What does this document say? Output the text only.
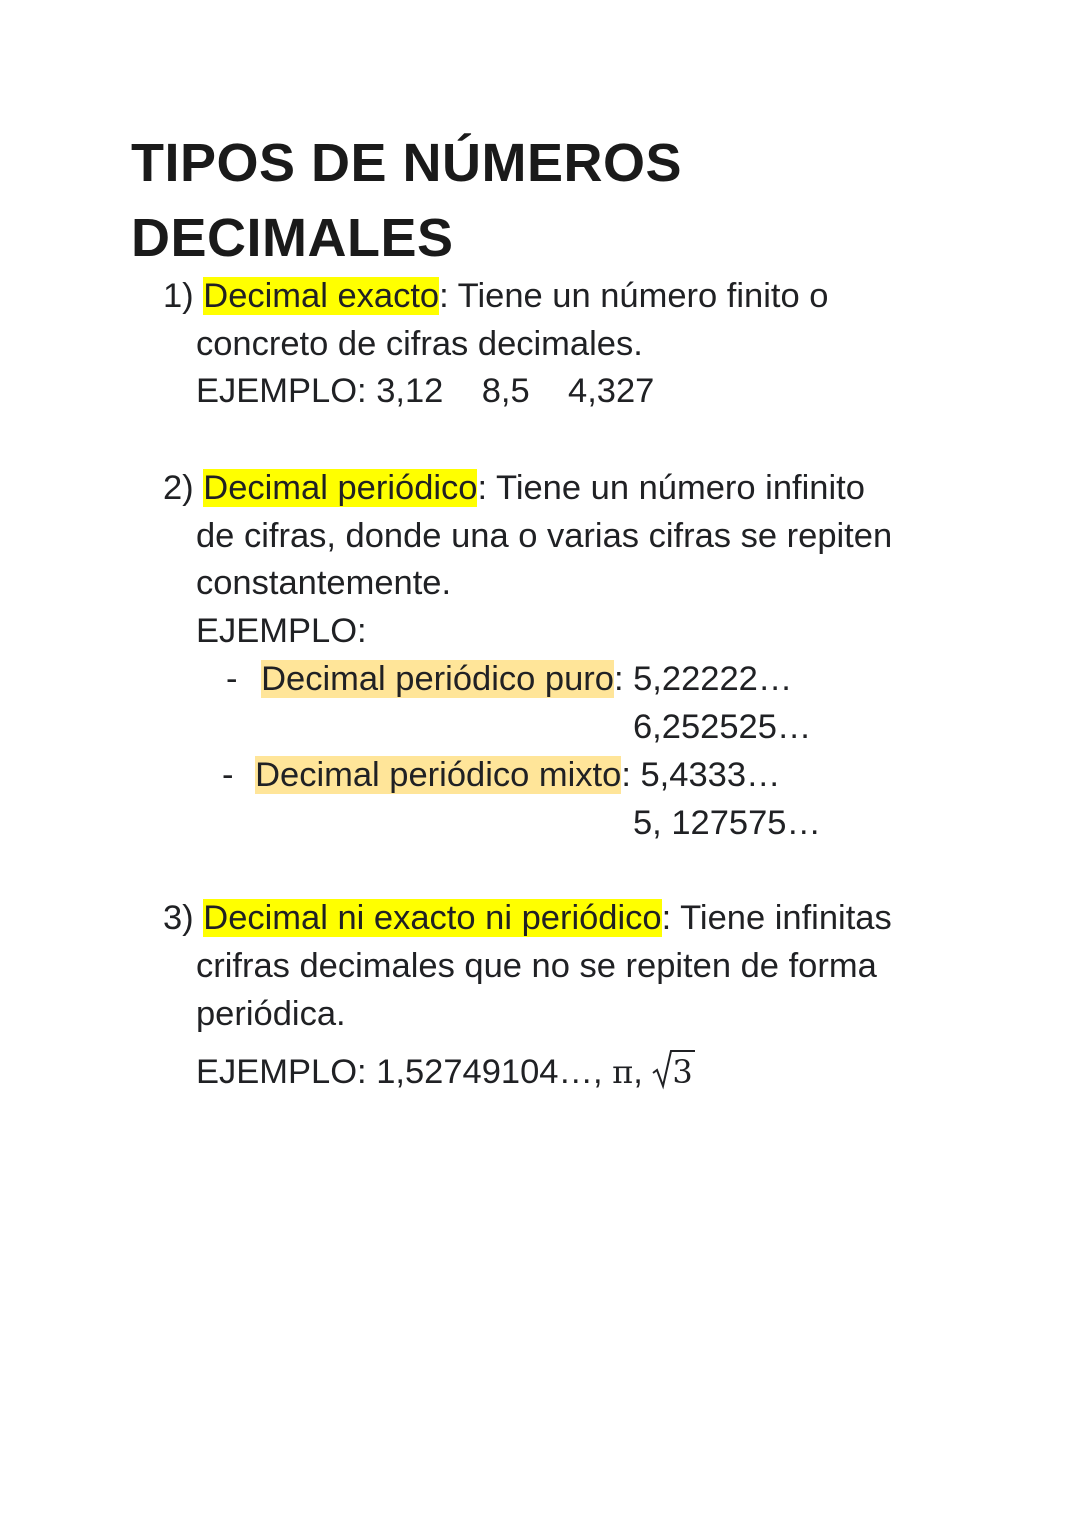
TIPOS DE NÚMEROS
DECIMALES
1) Decimal exacto: Tiene un número finito o
concreto de cifras decimales.
EJEMPLO: 3,12    8,5    4,327
2) Decimal periódico: Tiene un número infinito
de cifras, donde una o varias cifras se repiten
constantemente.
EJEMPLO:
- Decimal periódico puro: 5,22222…
6,252525…
- Decimal periódico mixto: 5,4333…
5, 127575…
3) Decimal ni exacto ni periódico: Tiene infinitas
crifras decimales que no se repiten de forma
periódica.
EJEMPLO: 1,52749104…, π,
3
